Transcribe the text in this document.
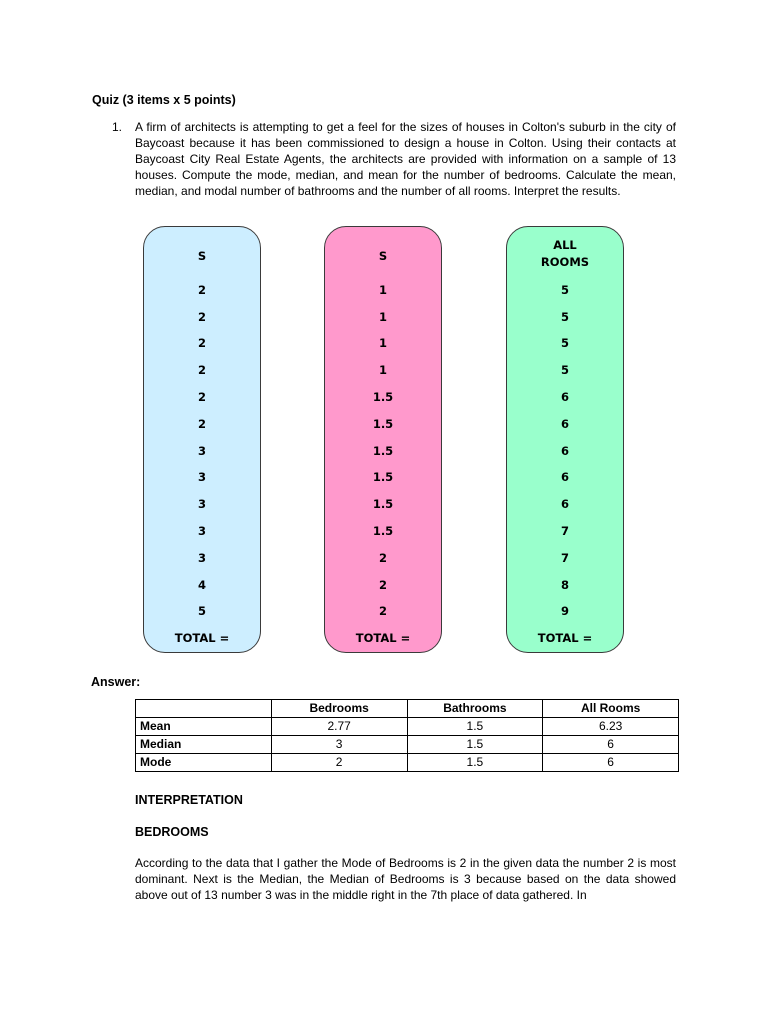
Quiz (3 items x 5 points)
1. A firm of architects is attempting to get a feel for the sizes of houses in Colton's suburb in the city of Baycoast because it has been commissioned to design a house in Colton. Using their contacts at Baycoast City Real Estate Agents, the architects are provided with information on a sample of 13 houses. Compute the mode, median, and mean for the number of bedrooms. Calculate the mean, median, and modal number of bathrooms and the number of all rooms. Interpret the results.

S
2
2
2
2
2
2
3
3
3
3
3
4
5
TOTAL =
S
1
1
1
1
1.5
1.5
1.5
1.5
1.5
1.5
2
2
2
TOTAL =
ALL
ROOMS
5
5
5
5
6
6
6
6
6
7
7
8
9
TOTAL =
Answer:
	Bedrooms	Bathrooms	All Rooms
Mean	2.77	1.5	6.23
Median	3	1.5	6
Mode	2	1.5	6
INTERPRETATION
BEDROOMS

According to the data that I gather the Mode of Bedrooms is 2 in the given data the number 2 is most dominant. Next is the Median, the Median of Bedrooms is 3 because based on the data showed above out of 13 number 3 was in the middle right in the 7th place of data gathered. In
